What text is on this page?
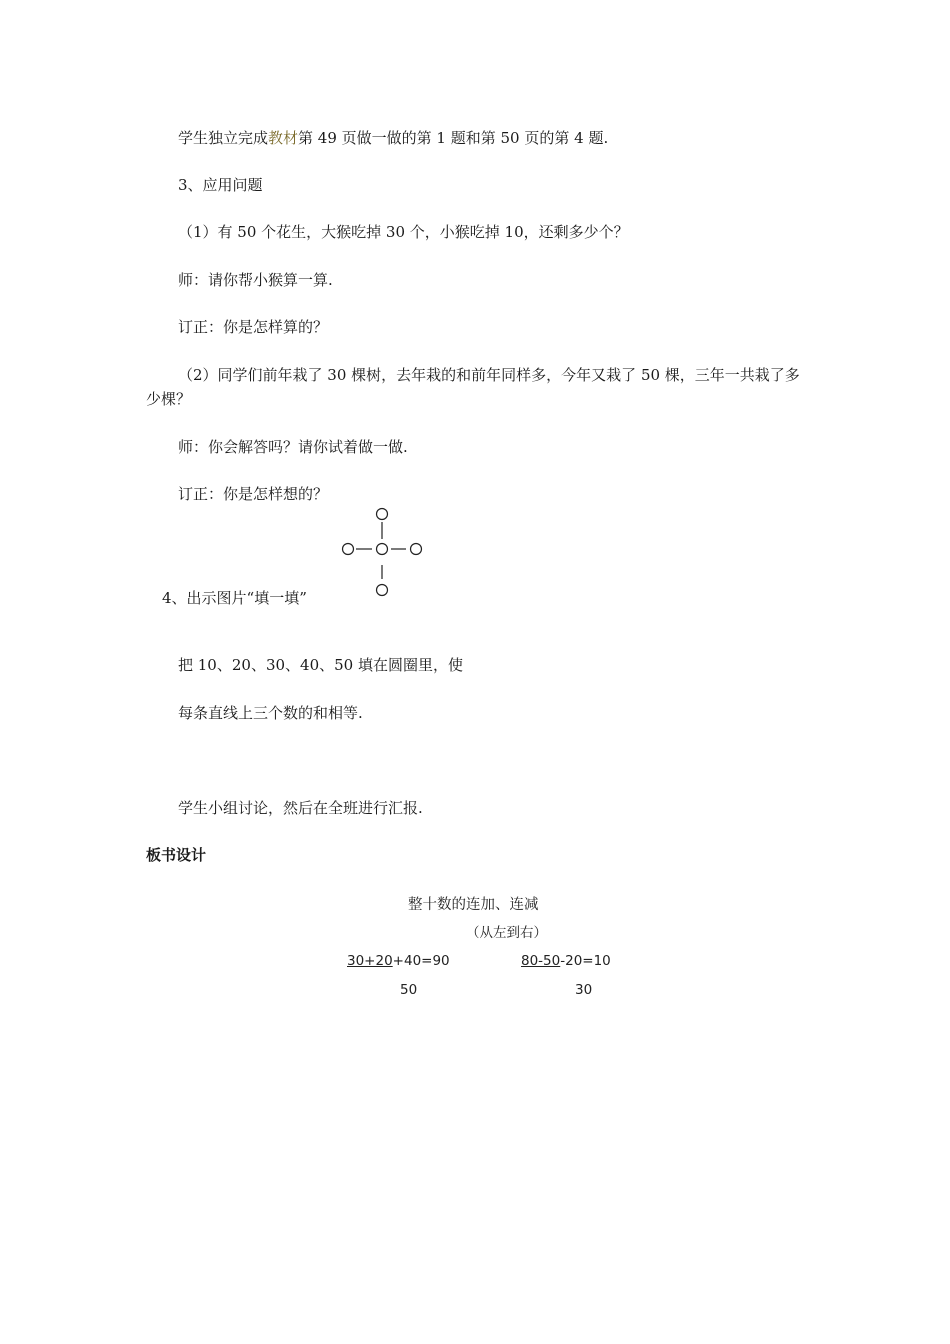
学生独立完成教材第 49 页做一做的第 1 题和第 50 页的第 4 题.
3、应用问题
（1）有 50 个花生，大猴吃掉 30 个，小猴吃掉 10，还剩多少个？
师：请你帮小猴算一算.
订正：你是怎样算的？
（2）同学们前年栽了 30 棵树，去年栽的和前年同样多，今年又栽了 50 棵，三年一共栽了多少棵？
师：你会解答吗？请你试着做一做.
订正：你是怎样想的？
4、出示图片“填一填”
把 10、20、30、40、50 填在圆圈里，使
每条直线上三个数的和相等.
学生小组讨论，然后在全班进行汇报.
板书设计
整十数的连加、连减
（从左到右）
30+20+40=90
50
80-50-20=10
30
